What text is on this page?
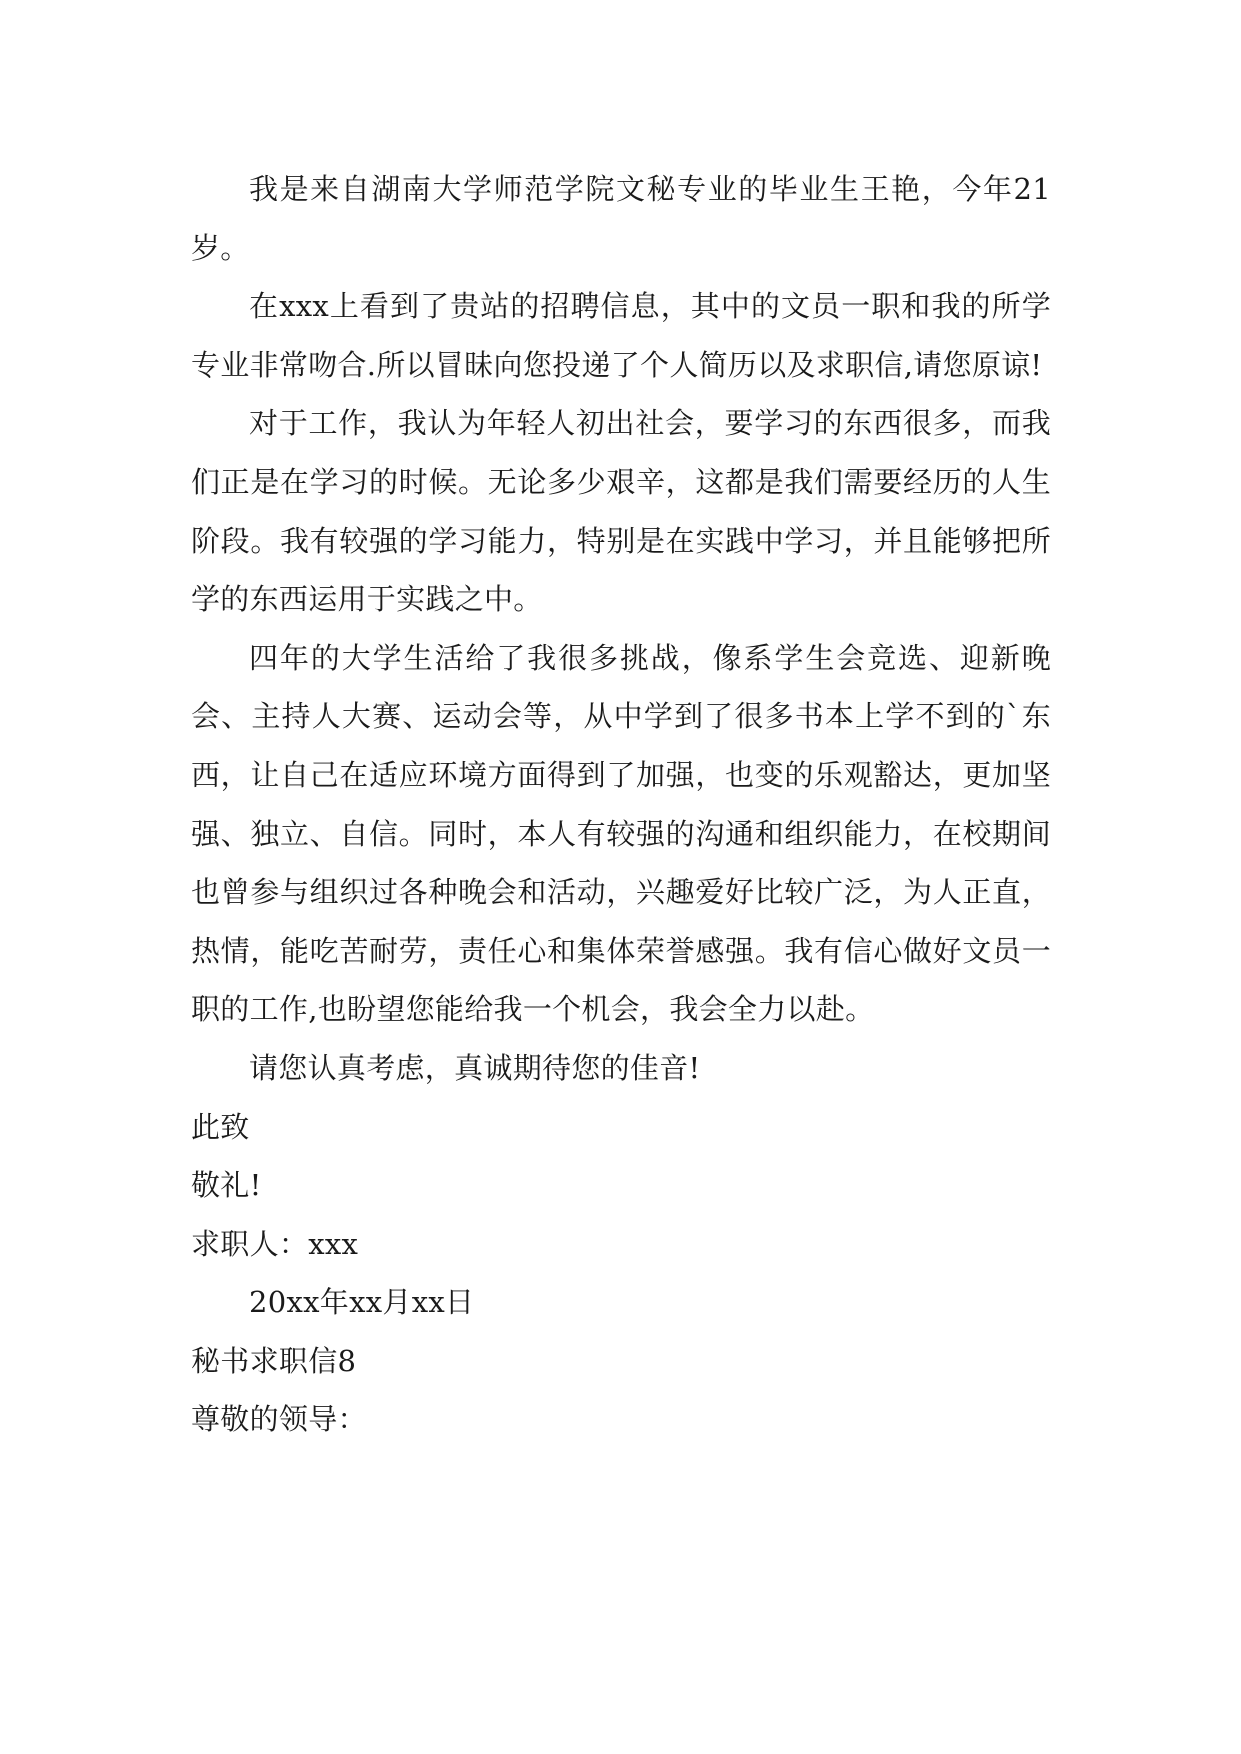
我是来自湖南大学师范学院文秘专业的毕业生王艳，今年21岁。

在xxx上看到了贵站的招聘信息，其中的文员一职和我的所学专业非常吻合.所以冒昧向您投递了个人简历以及求职信,请您原谅!

对于工作，我认为年轻人初出社会，要学习的东西很多，而我们正是在学习的时候。无论多少艰辛，这都是我们需要经历的人生阶段。我有较强的学习能力，特别是在实践中学习，并且能够把所学的东西运用于实践之中。

四年的大学生活给了我很多挑战，像系学生会竞选、迎新晚会、主持人大赛、运动会等，从中学到了很多书本上学不到的`东西，让自己在适应环境方面得到了加强，也变的乐观豁达，更加坚强、独立、自信。同时，本人有较强的沟通和组织能力，在校期间也曾参与组织过各种晚会和活动，兴趣爱好比较广泛，为人正直，热情，能吃苦耐劳，责任心和集体荣誉感强。我有信心做好文员一职的工作,也盼望您能给我一个机会，我会全力以赴。

请您认真考虑，真诚期待您的佳音!

此致

敬礼!

求职人：xxx

20xx年xx月xx日

秘书求职信8

尊敬的领导：
